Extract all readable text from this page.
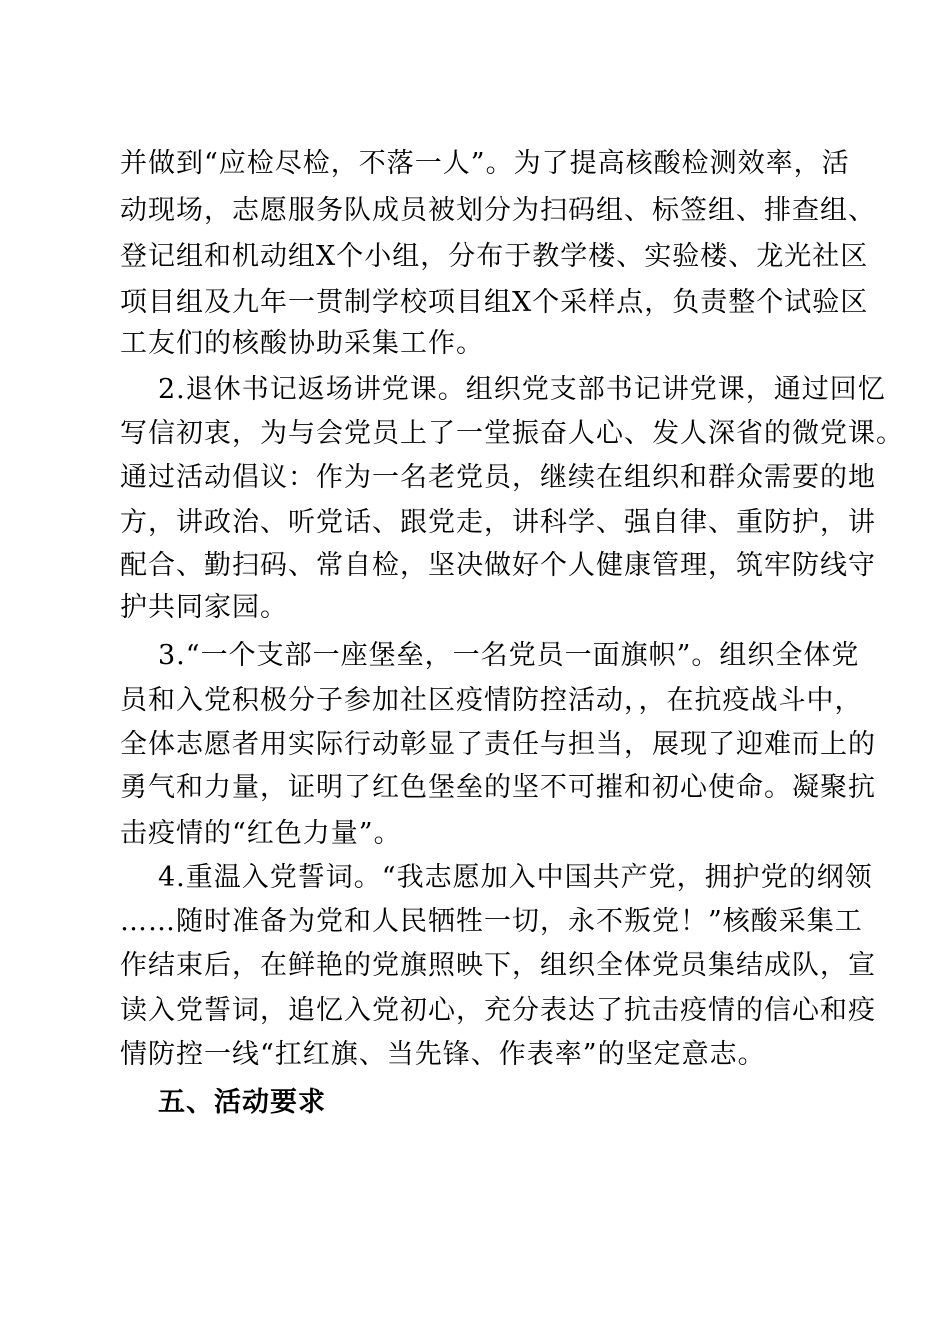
并做到“应检尽检，不落一人”。为了提高核酸检测效率，活
动现场，志愿服务队成员被划分为扫码组、标签组、排查组、
登记组和机动组X个小组，分布于教学楼、实验楼、龙光社区
项目组及九年一贯制学校项目组X个采样点，负责整个试验区
工友们的核酸协助采集工作。
2.退休书记返场讲党课。组织党支部书记讲党课，通过回忆
写信初衷，为与会党员上了一堂振奋人心、发人深省的微党课。
通过活动倡议：作为一名老党员，继续在组织和群众需要的地
方，讲政治、听党话、跟党走，讲科学、强自律、重防护，讲
配合、勤扫码、常自检，坚决做好个人健康管理，筑牢防线守
护共同家园。
3.“一个支部一座堡垒，一名党员一面旗帜”。组织全体党
员和入党积极分子参加社区疫情防控活动，，在抗疫战斗中，
全体志愿者用实际行动彰显了责任与担当，展现了迎难而上的
勇气和力量，证明了红色堡垒的坚不可摧和初心使命。凝聚抗
击疫情的“红色力量”。
4.重温入党誓词。“我志愿加入中国共产党，拥护党的纲领
……随时准备为党和人民牺牲一切，永不叛党！”核酸采集工
作结束后，在鲜艳的党旗照映下，组织全体党员集结成队，宣
读入党誓词，追忆入党初心，充分表达了抗击疫情的信心和疫
情防控一线“扛红旗、当先锋、作表率”的坚定意志。
五、活动要求
